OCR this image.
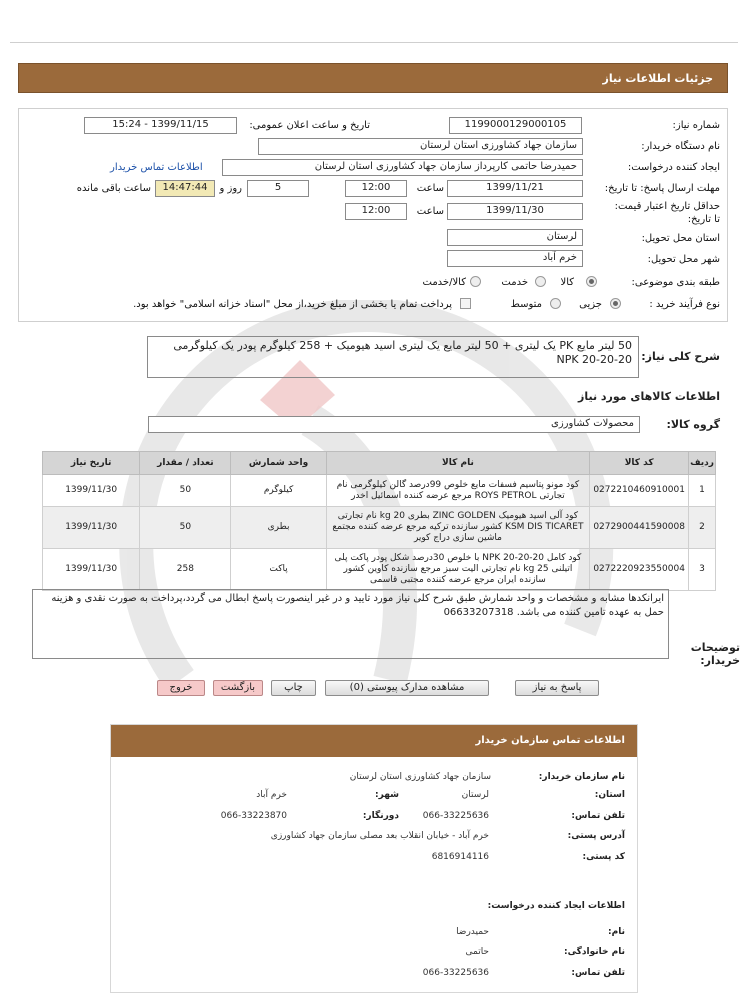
جزئیات اطلاعات نیاز
شماره نیاز:
1199000129000105
تاریخ و ساعت اعلان عمومی:
1399/11/15 - 15:24
نام دستگاه خریدار:
سازمان جهاد کشاورزی استان لرستان
ایجاد کننده درخواست:
حمیدرضا حاتمی کارپرداز سازمان جهاد کشاورزی استان لرستان
اطلاعات تماس خریدار
مهلت ارسال پاسخ: تا تاریخ:
1399/11/21
ساعت
12:00
5
روز و
14:47:44
ساعت باقی مانده
حداقل تاریخ اعتبار قیمت: تا تاریخ:
1399/11/30
ساعت
12:00
استان محل تحویل:
لرستان
شهر محل تحویل:
خرم آباد
طبقه بندی موضوعی:
کالا
خدمت
کالا/خدمت
نوع فرآیند خرید :
جزیی
متوسط
پرداخت تمام یا بخشی از مبلغ خرید،از محل "اسناد خزانه اسلامی" خواهد بود.
شرح کلی نیاز:
50 لیتر مایع PK یک لیتری + 50 لیتر مایع یک لیتری اسید هیومیک + 258 کیلوگرم پودر یک کیلوگرمی NPK 20-20-20
اطلاعات کالاهای مورد نیاز
گروه کالا:
محصولات کشاورزی
ردیف	کد کالا	نام کالا	واحد شمارش	تعداد / مقدار	تاریخ نیاز
1	0272210460910001	کود مونو پتاسیم فسفات مایع خلوص 99درصد گالن کیلوگرمی نام تجارتی ROYS PETROL مرجع عرضه کننده اسمائیل اخدر	کیلوگرم	50	1399/11/30
2	0272900441590008	کود آلی اسید هیومیک ZINC GOLDEN بطری 20 kg نام تجارتی KSM DIS TICARET کشور سازنده ترکیه مرجع عرضه کننده مجتمع ماشین سازی دراج کویر	بطری	50	1399/11/30
3	0272220923550004	کود کامل NPK 20-20-20 با خلوص 30درصد شکل پودر پاکت پلی اتیلنی 25 kg نام تجارتی الیت سبز مرجع سازنده کاوین کشور سازنده ایران مرجع عرضه کننده مجتبی قاسمی	پاکت	258	1399/11/30
توضیحات خریدار:
ایرانکدها مشابه و مشخصات و واحد شمارش طبق شرح کلی نیاز مورد تایید و در غیر اینصورت پاسخ ابطال می گردد،پرداخت به صورت نقدی و هزینه حمل به عهده تامین کننده می باشد. 06633207318
پاسخ به نیاز
مشاهده مدارک پیوستی (0)
چاپ
بازگشت
خروج
اطلاعات تماس سازمان خریدار
نام سازمان خریدار:
سازمان جهاد کشاورزی استان لرستان
استان:
لرستان
شهر:
خرم آباد
تلفن تماس:
066-33225636
دورنگار:
066-33223870
آدرس پستی:
خرم آباد - خیابان انقلاب بعد مصلی سازمان جهاد کشاورزی
کد پستی:
6816914116
اطلاعات ایجاد کننده درخواست:
نام:
حمیدرضا
نام خانوادگی:
حاتمی
تلفن تماس:
066-33225636
